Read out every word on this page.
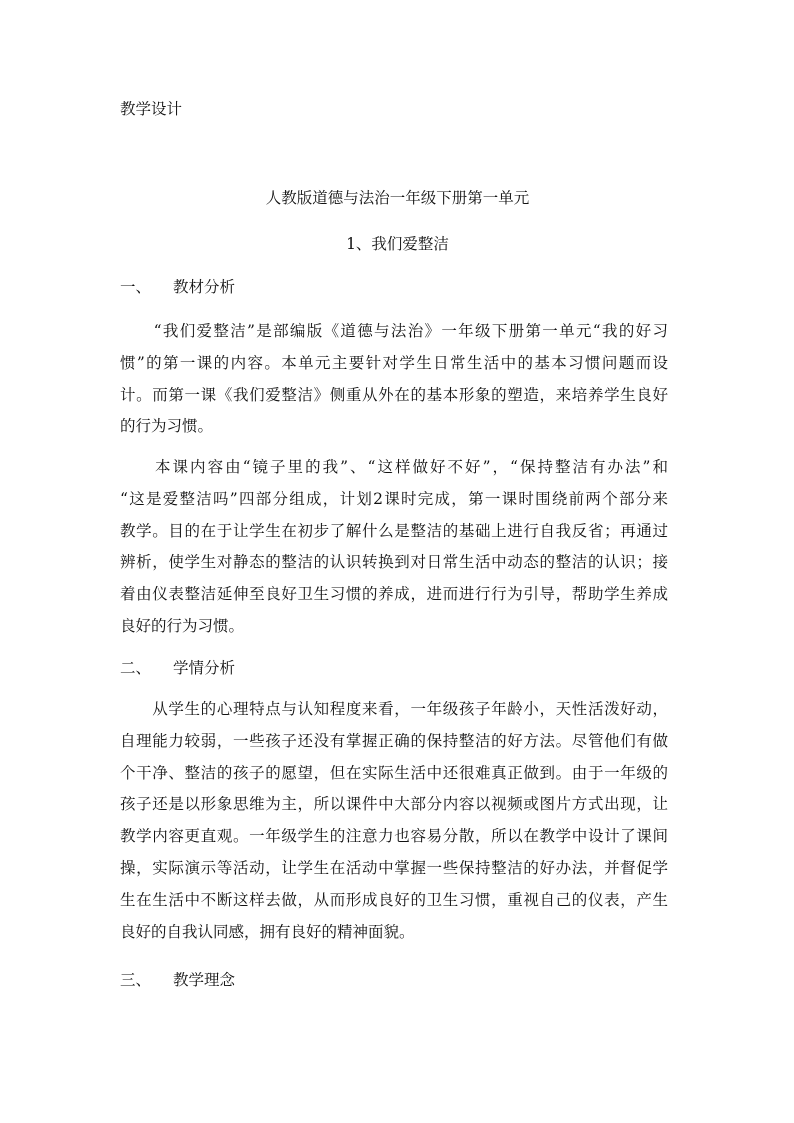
教学设计
人教版道德与法治一年级下册第一单元
1、我们爱整洁
一、 教材分析
　　“我们爱整洁”是部编版《道德与法治》一年级下册第一单元“我的好习
惯”的第一课的内容。本单元主要针对学生日常生活中的基本习惯问题而设
计。而第一课《我们爱整洁》侧重从外在的基本形象的塑造，来培养学生良好
的行为习惯。
　　本课内容由“镜子里的我”、“这样做好不好”，“保持整洁有办法”和
“这是爱整洁吗”四部分组成，计划2课时完成，第一课时围绕前两个部分来
教学。目的在于让学生在初步了解什么是整洁的基础上进行自我反省；再通过
辨析，使学生对静态的整洁的认识转换到对日常生活中动态的整洁的认识；接
着由仪表整洁延伸至良好卫生习惯的养成，进而进行行为引导，帮助学生养成
良好的行为习惯。
二、 学情分析
　　从学生的心理特点与认知程度来看，一年级孩子年龄小，天性活泼好动，
自理能力较弱，一些孩子还没有掌握正确的保持整洁的好方法。尽管他们有做
个干净、整洁的孩子的愿望，但在实际生活中还很难真正做到。由于一年级的
孩子还是以形象思维为主，所以课件中大部分内容以视频或图片方式出现，让
教学内容更直观。一年级学生的注意力也容易分散，所以在教学中设计了课间
操，实际演示等活动，让学生在活动中掌握一些保持整洁的好办法，并督促学
生在生活中不断这样去做，从而形成良好的卫生习惯，重视自己的仪表，产生
良好的自我认同感，拥有良好的精神面貌。
三、 教学理念
